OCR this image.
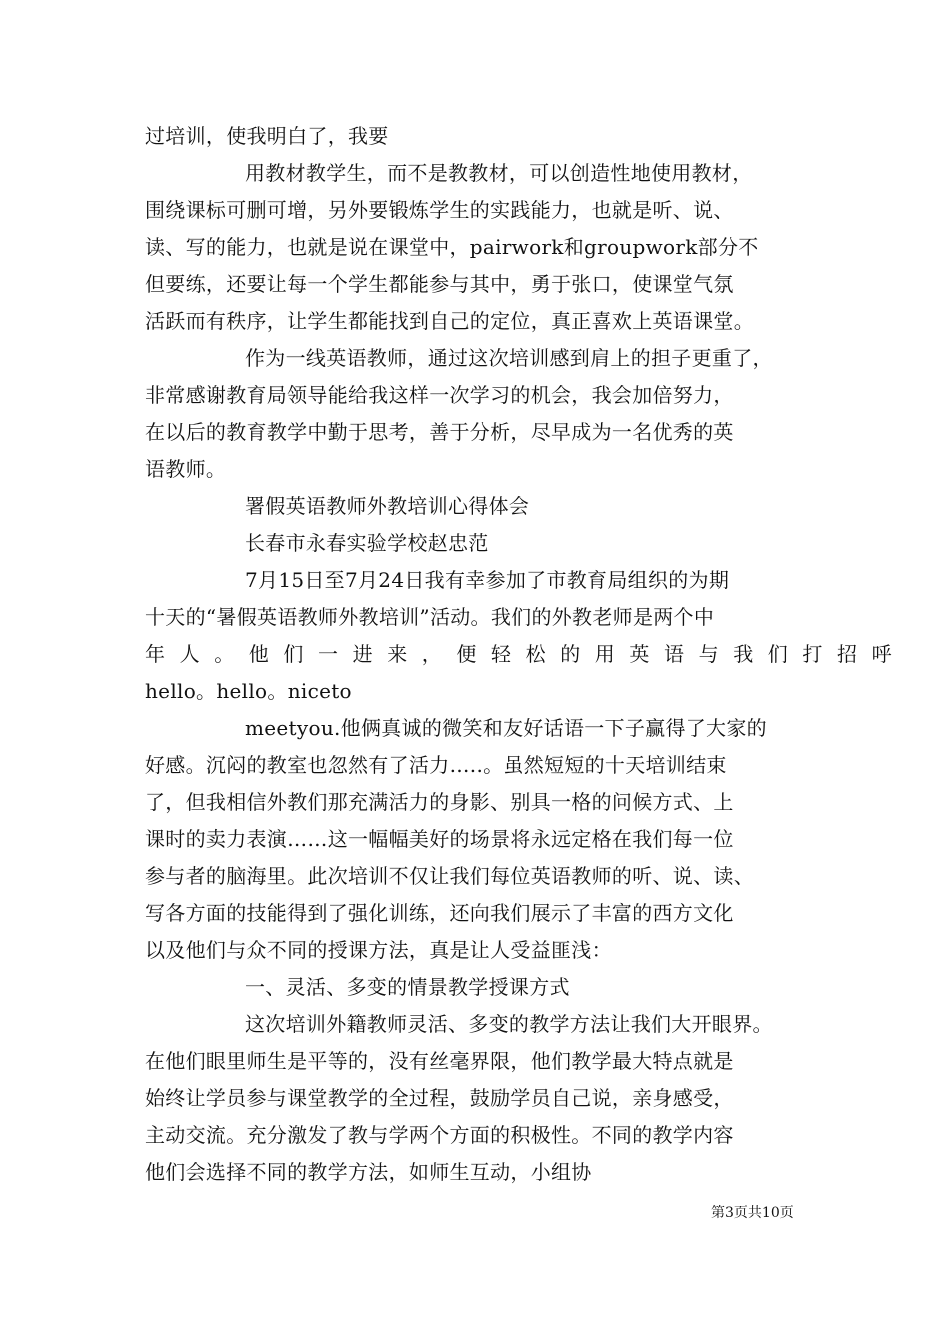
过培训，使我明白了，我要
用教材教学生，而不是教教材，可以创造性地使用教材，
围绕课标可删可增，另外要锻炼学生的实践能力，也就是听、说、
读、写的能力，也就是说在课堂中，pairwork和groupwork部分不
但要练，还要让每一个学生都能参与其中，勇于张口，使课堂气氛
活跃而有秩序，让学生都能找到自己的定位，真正喜欢上英语课堂。
作为一线英语教师，通过这次培训感到肩上的担子更重了，
非常感谢教育局领导能给我这样一次学习的机会，我会加倍努力，
在以后的教育教学中勤于思考，善于分析，尽早成为一名优秀的英
语教师。
署假英语教师外教培训心得体会
长春市永春实验学校赵忠范
7月15日至7月24日我有幸参加了市教育局组织的为期
十天的“暑假英语教师外教培训”活动。我们的外教老师是两个中
年人。他们一进来，便轻松的用英语与我们打招呼
hello。hello。niceto
meetyou.他俩真诚的微笑和友好话语一下子赢得了大家的
好感。沉闷的教室也忽然有了活力…..。虽然短短的十天培训结束
了，但我相信外教们那充满活力的身影、别具一格的问候方式、上
课时的卖力表演……这一幅幅美好的场景将永远定格在我们每一位
参与者的脑海里。此次培训不仅让我们每位英语教师的听、说、读、
写各方面的技能得到了强化训练，还向我们展示了丰富的西方文化
以及他们与众不同的授课方法，真是让人受益匪浅：
一、灵活、多变的情景教学授课方式
这次培训外籍教师灵活、多变的教学方法让我们大开眼界。
在他们眼里师生是平等的，没有丝毫界限，他们教学最大特点就是
始终让学员参与课堂教学的全过程，鼓励学员自己说，亲身感受，
主动交流。充分激发了教与学两个方面的积极性。不同的教学内容
他们会选择不同的教学方法，如师生互动，小组协
第3页共10页
